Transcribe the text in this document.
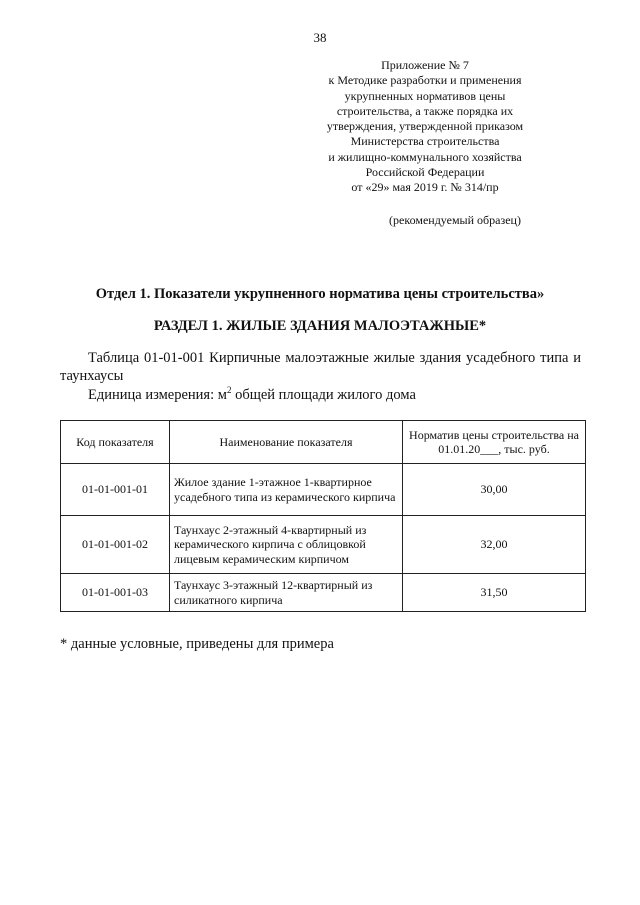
38
Приложение № 7
к Методике разработки и применения
укрупненных нормативов цены
строительства, а также порядка их
утверждения, утвержденной приказом
Министерства строительства
и жилищно-коммунального хозяйства
Российской Федерации
от «29» мая 2019 г. № 314/пр
(рекомендуемый образец)
Отдел 1. Показатели укрупненного норматива цены строительства»
РАЗДЕЛ 1. ЖИЛЫЕ ЗДАНИЯ МАЛОЭТАЖНЫЕ*
Таблица 01-01-001 Кирпичные малоэтажные жилые здания усадебного типа и таунхаусы
Единица измерения: $м^2$ общей площади жилого дома
Код показателя	Наименование показателя	Норматив цены строительства на 01.01.20___, тыс. руб.
01-01-001-01	Жилое здание 1-этажное 1-квартирное усадебного типа из керамического кирпича	30,00
01-01-001-02	Таунхаус 2-этажный 4-квартирный из керамического кирпича с облицовкой лицевым керамическим кирпичом	32,00
01-01-001-03	Таунхаус 3-этажный 12-квартирный из силикатного кирпича	31,50
* данные условные, приведены для примера
